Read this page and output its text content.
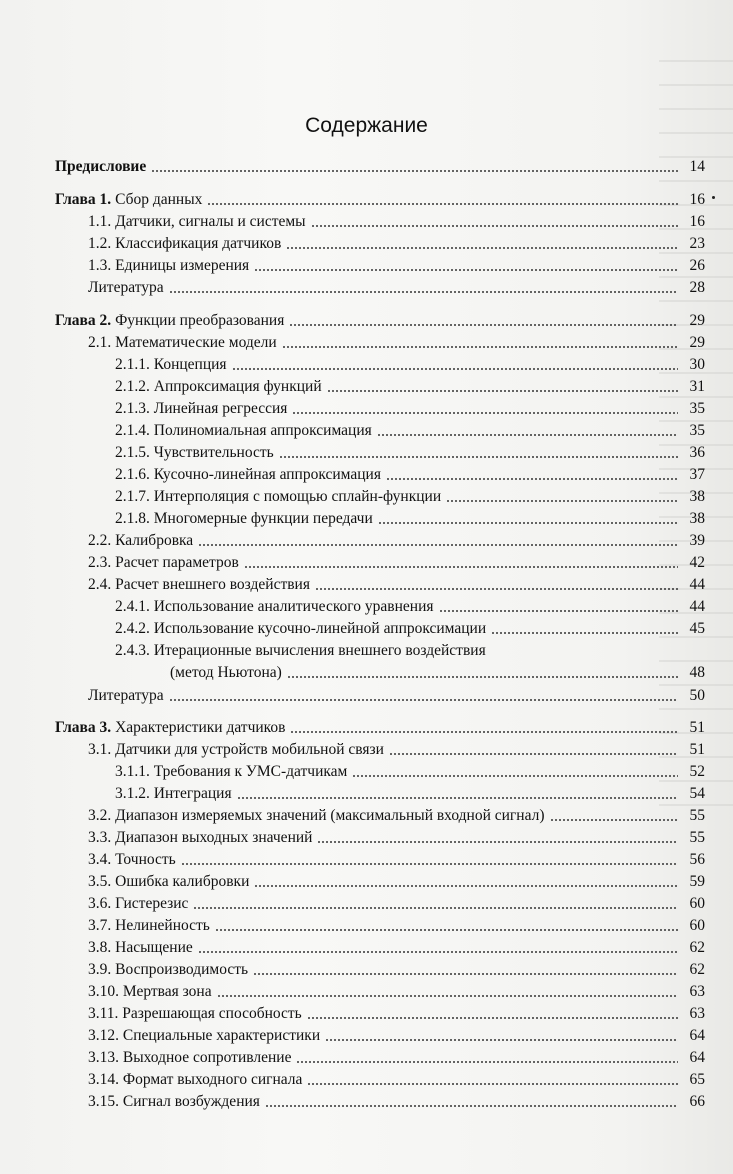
Содержание
Предисловие	14
Глава 1. Сбор данных	16
1.1. Датчики, сигналы и системы	16
1.2. Классификация датчиков	23
1.3. Единицы измерения	26
Литература	28
Глава 2. Функции преобразования	29
2.1. Математические модели	29
2.1.1. Концепция	30
2.1.2. Аппроксимация функций	31
2.1.3. Линейная регрессия	35
2.1.4. Полиномиальная аппроксимация	35
2.1.5. Чувствительность	36
2.1.6. Кусочно-линейная аппроксимация	37
2.1.7. Интерполяция с помощью сплайн-функции	38
2.1.8. Многомерные функции передачи	38
2.2. Калибровка	39
2.3. Расчет параметров	42
2.4. Расчет внешнего воздействия	44
2.4.1. Использование аналитического уравнения	44
2.4.2. Использование кусочно-линейной аппроксимации	45
2.4.3. Итерационные вычисления внешнего воздействия
(метод Ньютона)	48
Литература	50
Глава 3. Характеристики датчиков	51
3.1. Датчики для устройств мобильной связи	51
3.1.1. Требования к УМС-датчикам	52
3.1.2. Интеграция	54
3.2. Диапазон измеряемых значений (максимальный входной сигнал)	55
3.3. Диапазон выходных значений	55
3.4. Точность	56
3.5. Ошибка калибровки	59
3.6. Гистерезис	60
3.7. Нелинейность	60
3.8. Насыщение	62
3.9. Воспроизводимость	62
3.10. Мертвая зона	63
3.11. Разрешающая способность	63
3.12. Специальные характеристики	64
3.13. Выходное сопротивление	64
3.14. Формат выходного сигнала	65
3.15. Сигнал возбуждения	66
